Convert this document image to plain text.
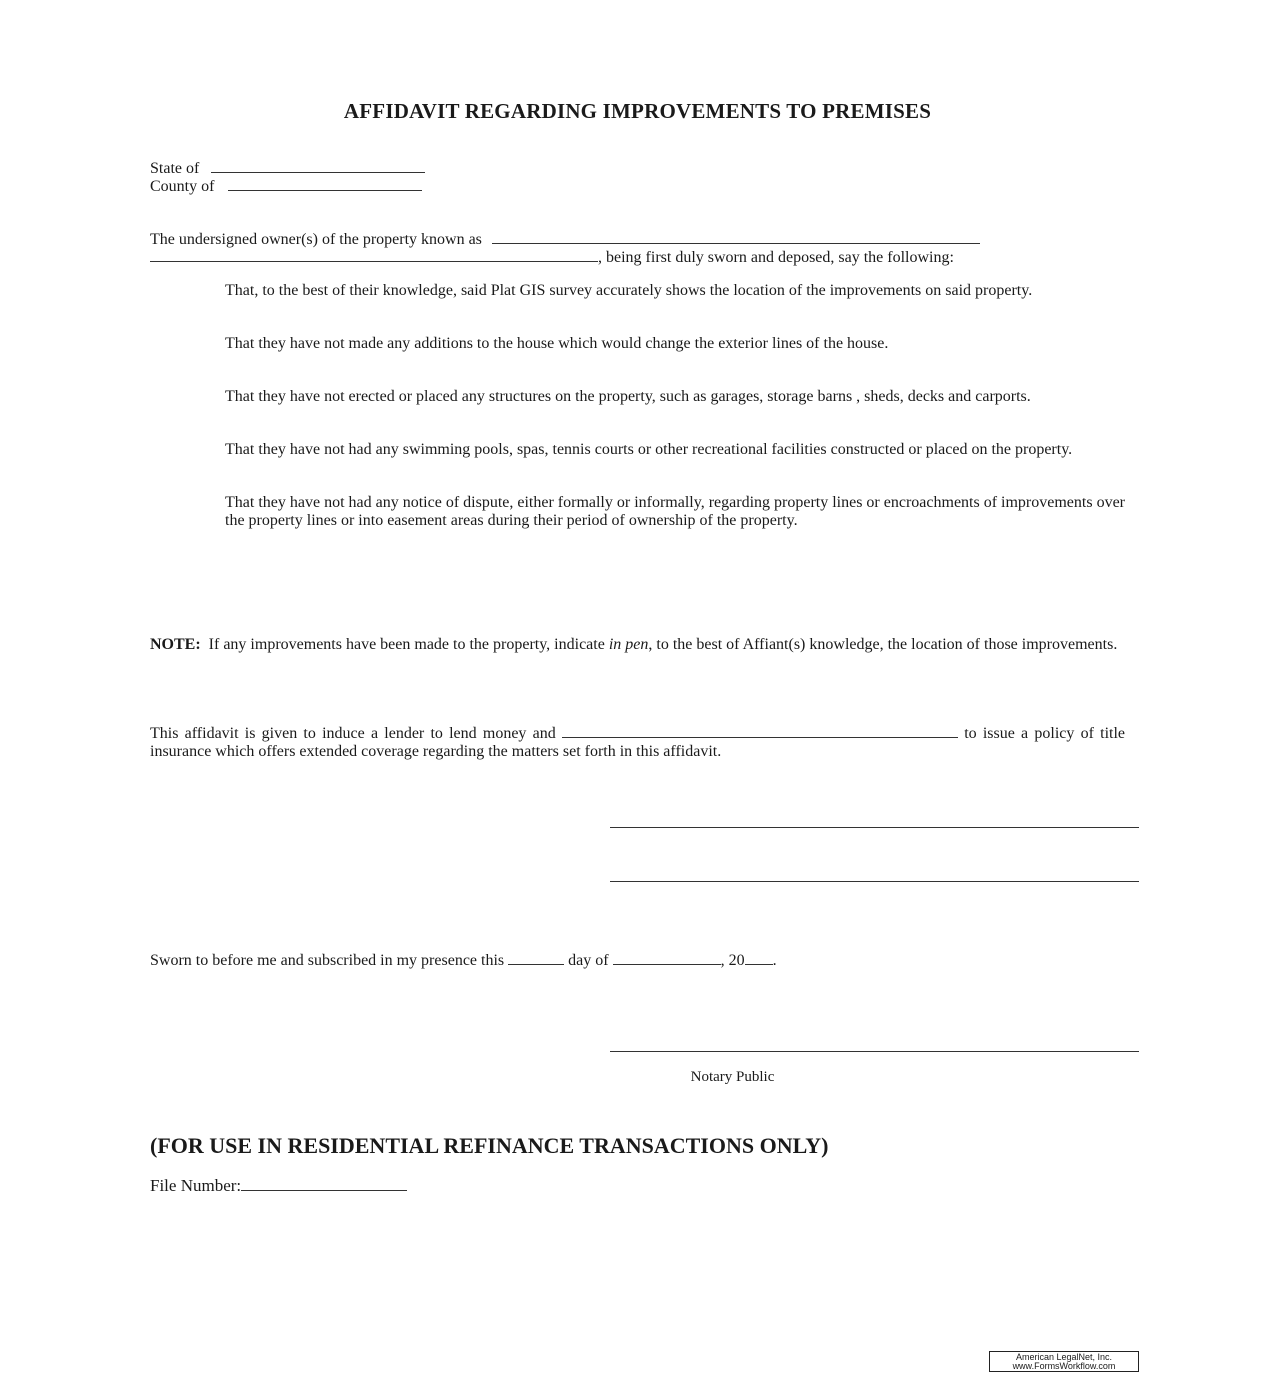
AFFIDAVIT REGARDING IMPROVEMENTS TO PREMISES
State of
County of
The undersigned owner(s) of the property known as
, being first duly sworn and deposed, say the following:

That, to the best of their knowledge, said Plat GIS survey accurately shows the location of the improvements on said property.

That they have not made any additions to the house which would change the exterior lines of the house.

That they have not erected or placed any structures on the property, such as garages, storage barns , sheds, decks and carports.

That they have not had any swimming pools, spas, tennis courts or other recreational facilities constructed or placed on the property.

That they have not had any notice of dispute, either formally or informally, regarding property lines or encroachments of improvements over the property lines or into easement areas during their period of ownership of the property.

NOTE: If any improvements have been made to the property, indicate in pen, to the best of Affiant(s) knowledge, the location of those improvements.

This affidavit is given to induce a lender to lend money and	to issue a policy of title insurance which offers extended coverage regarding the matters set forth in this affidavit.

Sworn to before me and subscribed in my presence this	day of	, 20 .
Notary Public
(FOR USE IN RESIDENTIAL REFINANCE TRANSACTIONS ONLY)
File Number:
American LegalNet, Inc.
www.FormsWorkflow.com
